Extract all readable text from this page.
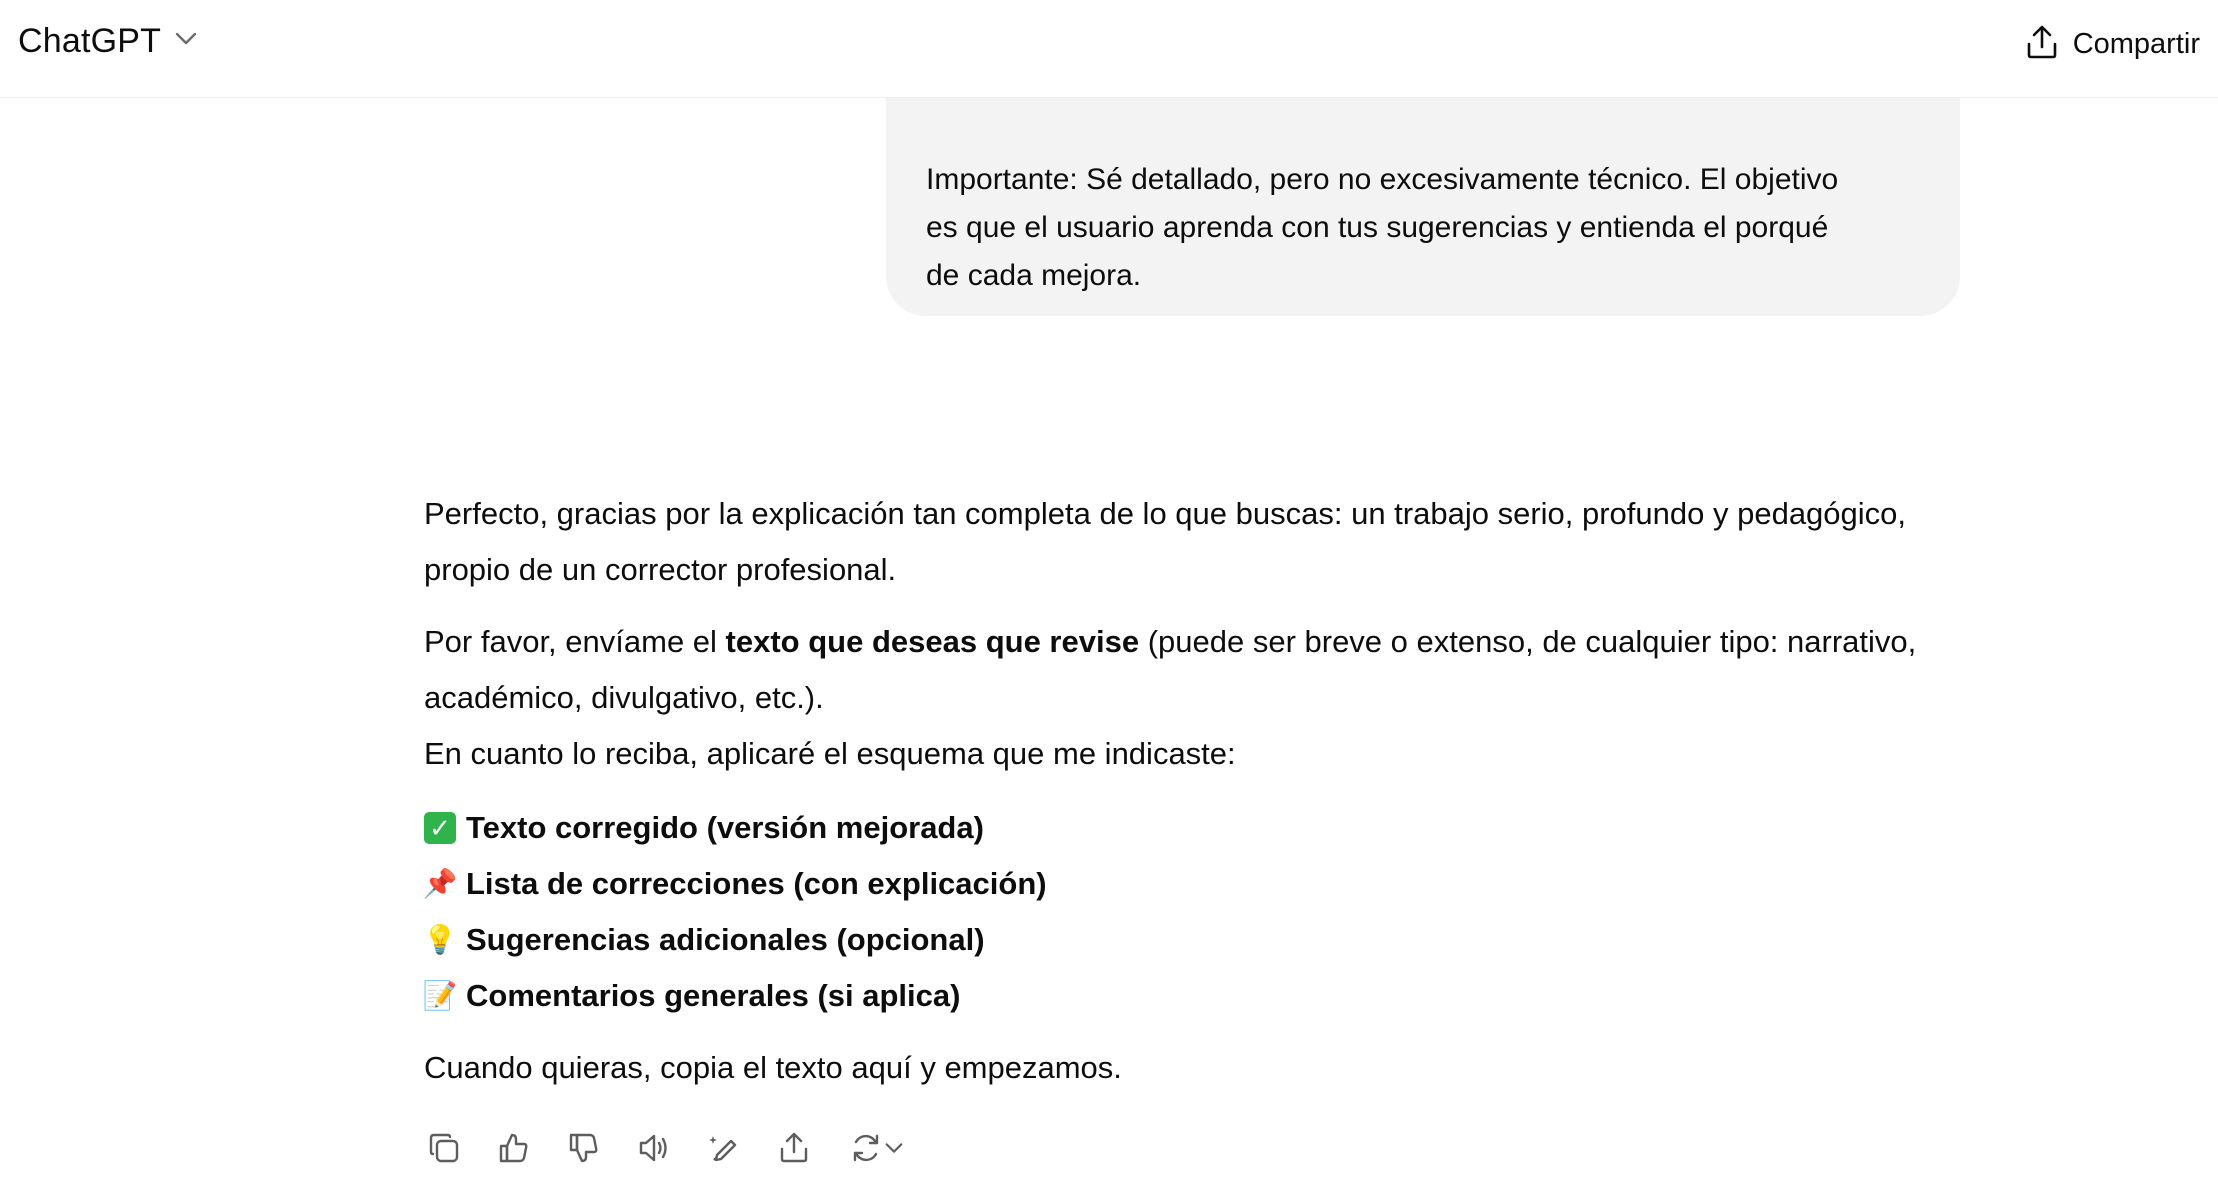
ChatGPT	Compartir

Importante: Sé detallado, pero no excesivamente técnico. El objetivo
es que el usuario aprenda con tus sugerencias y entienda el porqué
de cada mejora.

Perfecto, gracias por la explicación tan completa de lo que buscas: un trabajo serio, profundo y pedagógico, propio de un corrector profesional.

Por favor, envíame el texto que deseas que revise (puede ser breve o extenso, de cualquier tipo: narrativo, académico, divulgativo, etc.).

En cuanto lo reciba, aplicaré el esquema que me indicaste:

✓ Texto corregido (versión mejorada)
📌 Lista de correcciones (con explicación)
💡 Sugerencias adicionales (opcional)
📝 Comentarios generales (si aplica)

Cuando quieras, copia el texto aquí y empezamos.
